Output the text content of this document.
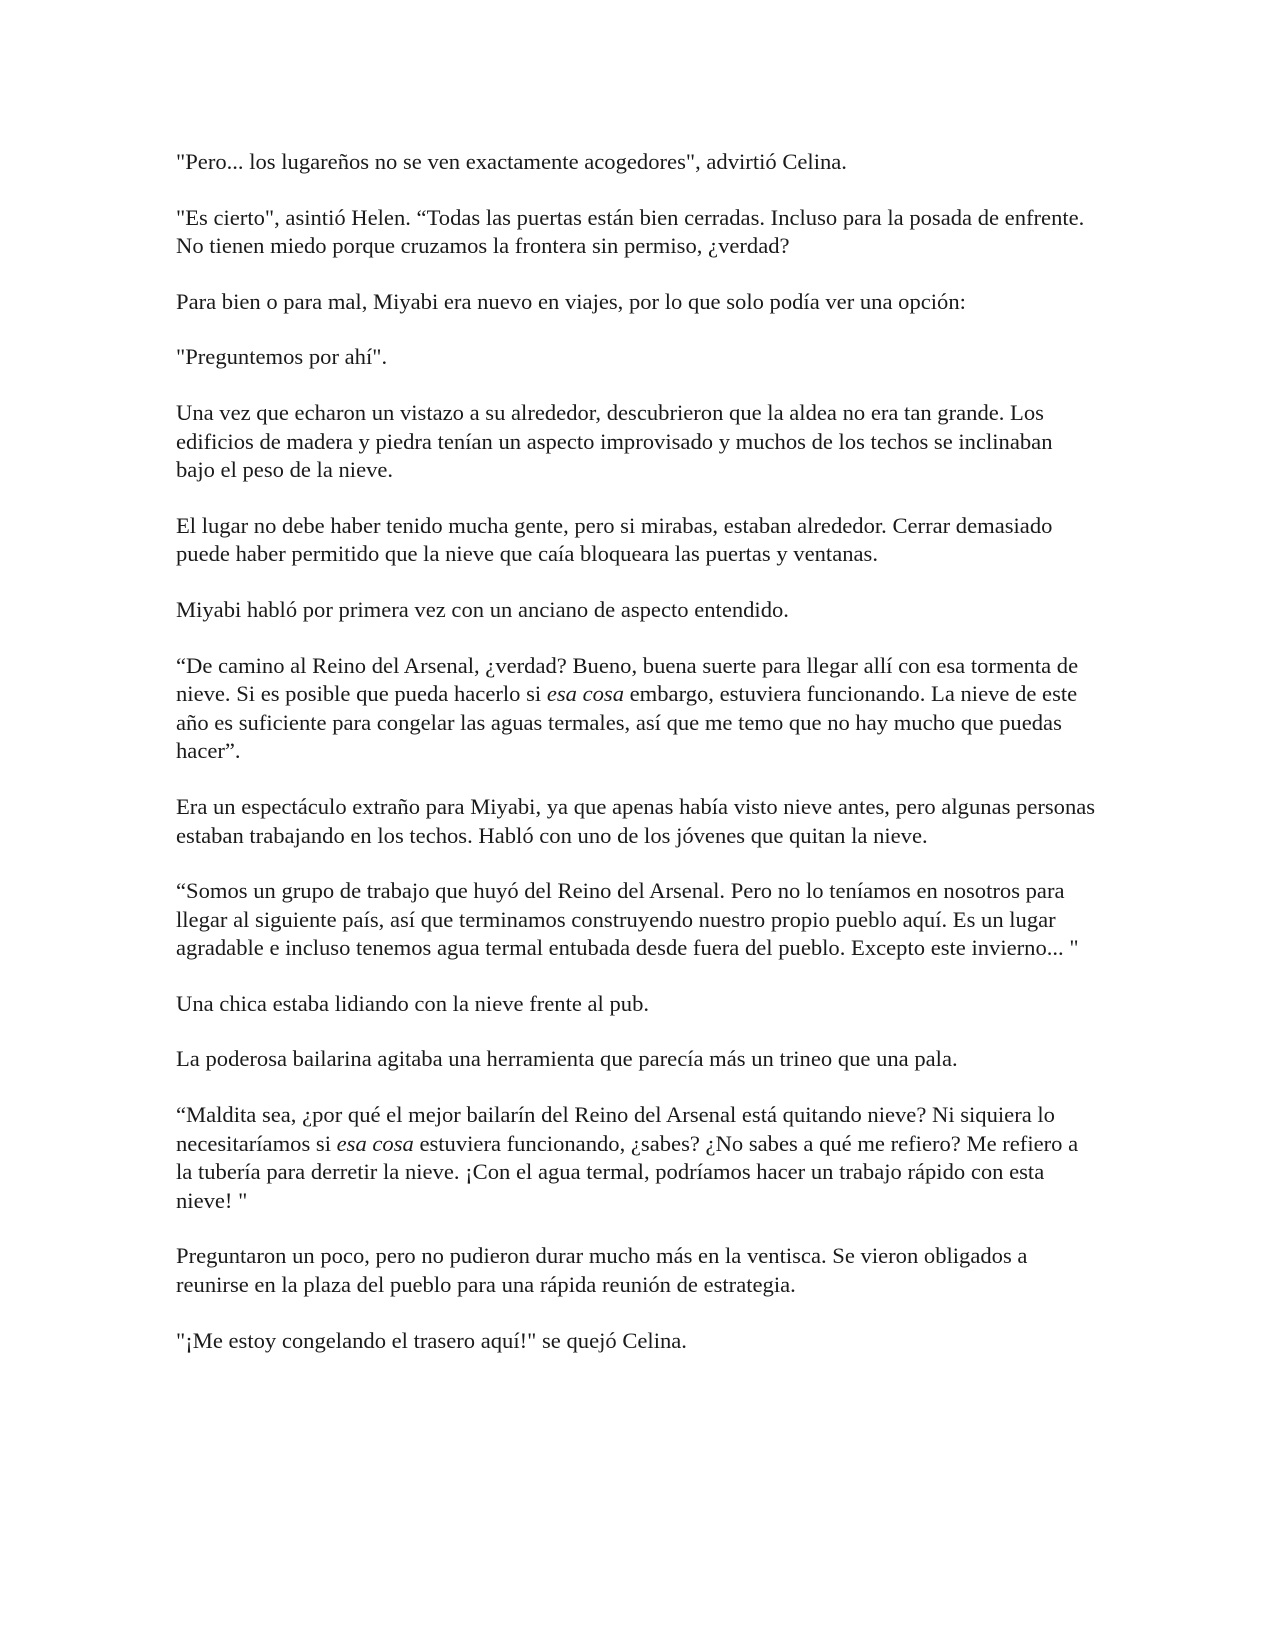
"Pero... los lugareños no se ven exactamente acogedores", advirtió Celina.

"Es cierto", asintió Helen. “Todas las puertas están bien cerradas. Incluso para la posada de enfrente. No tienen miedo porque cruzamos la frontera sin permiso, ¿verdad?

Para bien o para mal, Miyabi era nuevo en viajes, por lo que solo podía ver una opción:

"Preguntemos por ahí".

Una vez que echaron un vistazo a su alrededor, descubrieron que la aldea no era tan grande. Los edificios de madera y piedra tenían un aspecto improvisado y muchos de los techos se inclinaban bajo el peso de la nieve.

El lugar no debe haber tenido mucha gente, pero si mirabas, estaban alrededor. Cerrar demasiado puede haber permitido que la nieve que caía bloqueara las puertas y ventanas.

Miyabi habló por primera vez con un anciano de aspecto entendido.

“De camino al Reino del Arsenal, ¿verdad? Bueno, buena suerte para llegar allí con esa tormenta de nieve. Si es posible que pueda hacerlo si esa cosa embargo, estuviera funcionando. La nieve de este año es suficiente para congelar las aguas termales, así que me temo que no hay mucho que puedas hacer”.

Era un espectáculo extraño para Miyabi, ya que apenas había visto nieve antes, pero algunas personas estaban trabajando en los techos. Habló con uno de los jóvenes que quitan la nieve.

“Somos un grupo de trabajo que huyó del Reino del Arsenal. Pero no lo teníamos en nosotros para llegar al siguiente país, así que terminamos construyendo nuestro propio pueblo aquí. Es un lugar agradable e incluso tenemos agua termal entubada desde fuera del pueblo. Excepto este invierno... "

Una chica estaba lidiando con la nieve frente al pub.

La poderosa bailarina agitaba una herramienta que parecía más un trineo que una pala.

“Maldita sea, ¿por qué el mejor bailarín del Reino del Arsenal está quitando nieve? Ni siquiera lo necesitaríamos si esa cosa estuviera funcionando, ¿sabes? ¿No sabes a qué me refiero? Me refiero a la tubería para derretir la nieve. ¡Con el agua termal, podríamos hacer un trabajo rápido con esta nieve! "

Preguntaron un poco, pero no pudieron durar mucho más en la ventisca. Se vieron obligados a reunirse en la plaza del pueblo para una rápida reunión de estrategia.

"¡Me estoy congelando el trasero aquí!" se quejó Celina.
